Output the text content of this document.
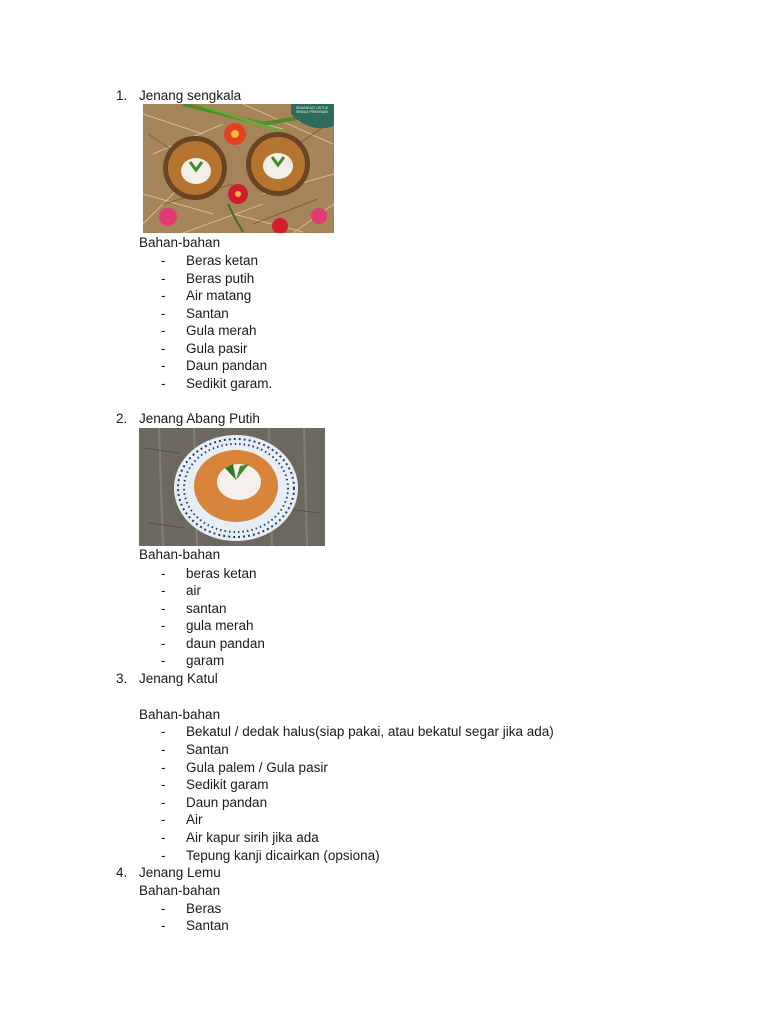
1. Jenang sengkala
SEMANGAT UNTUK SEMUA PERAYAAN
Bahan-bahan
- Beras ketan
- Beras putih
- Air matang
- Santan
- Gula merah
- Gula pasir
- Daun pandan
- Sedikit garam.
2. Jenang Abang Putih
Bahan-bahan
- beras ketan
- air
- santan
- gula merah
- daun pandan
- garam
3. Jenang Katul
Bahan-bahan
- Bekatul / dedak halus(siap pakai, atau bekatul segar jika ada)
- Santan
- Gula palem / Gula pasir
- Sedikit garam
- Daun pandan
- Air
- Air kapur sirih jika ada
- Tepung kanji dicairkan (opsiona)
4. Jenang Lemu
Bahan-bahan
- Beras
- Santan
